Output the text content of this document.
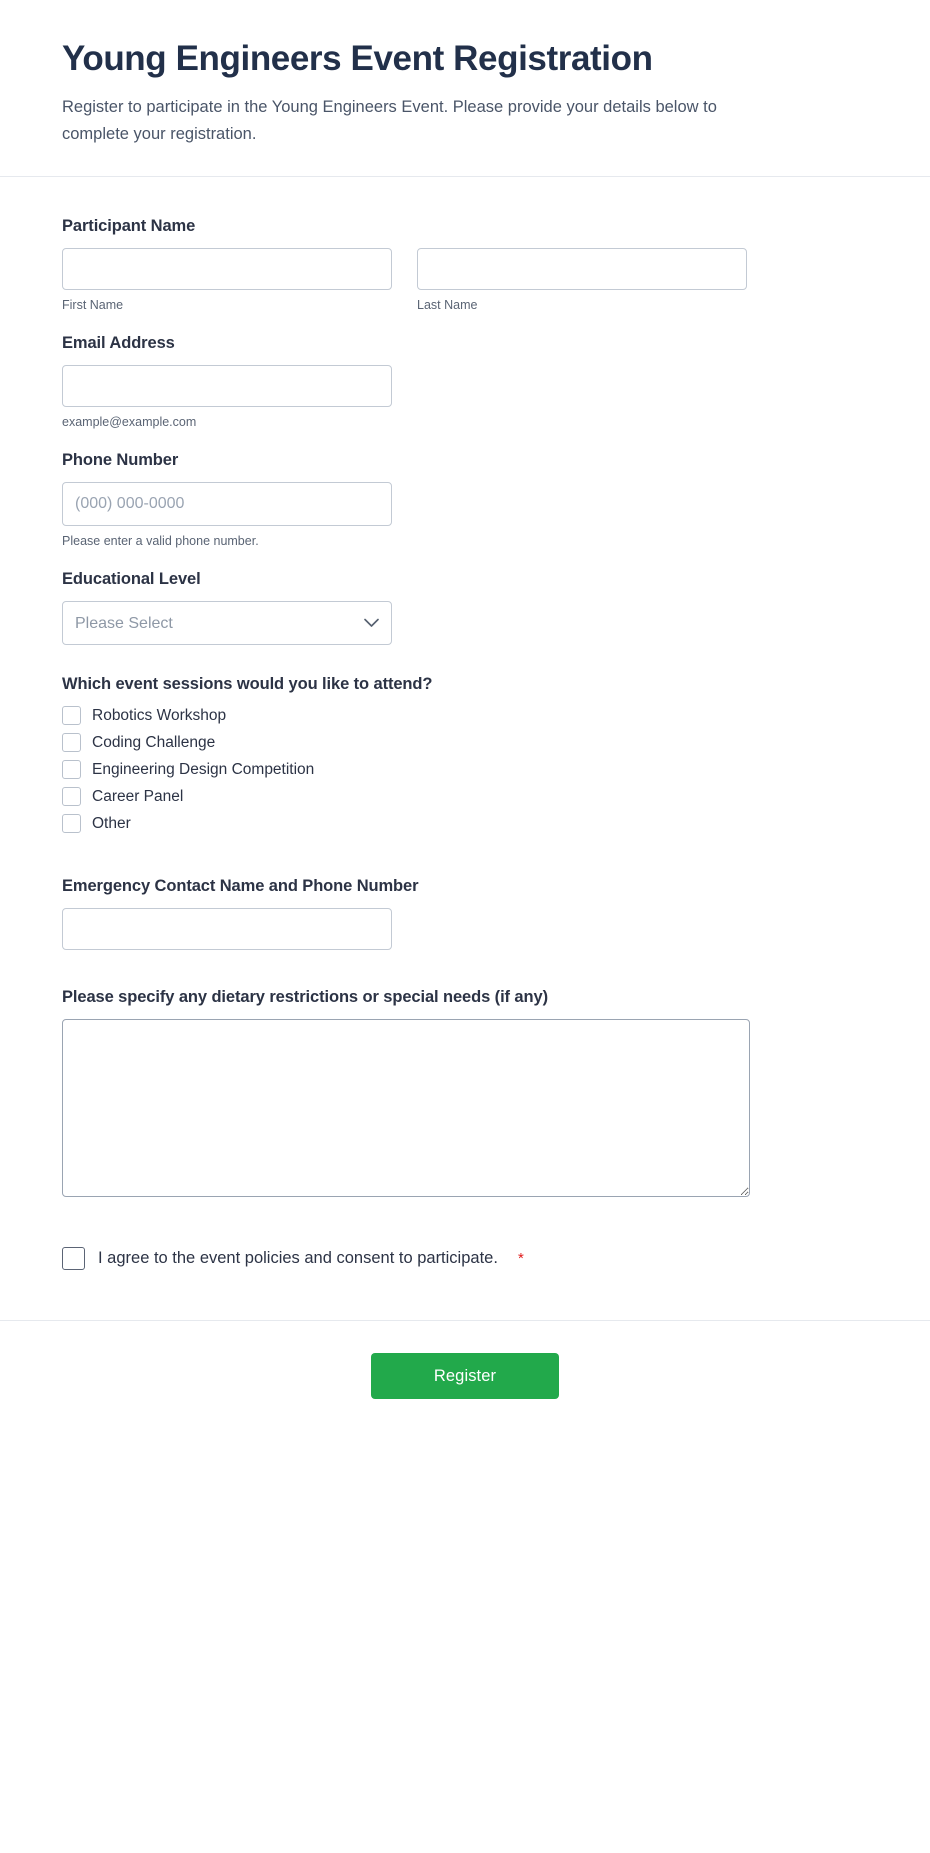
Young Engineers Event Registration

Register to participate in the Young Engineers Event. Please provide your details below to complete your registration.

Participant Name
First Name	Last Name
Email Address
example@example.com
Phone Number
(000) 000-0000
Please enter a valid phone number.
Educational Level
Please Select
Which event sessions would you like to attend?
Robotics Workshop
Coding Challenge
Engineering Design Competition
Career Panel
Other
Emergency Contact Name and Phone Number
Please specify any dietary restrictions or special needs (if any)
I agree to the event policies and consent to participate. *
Register
